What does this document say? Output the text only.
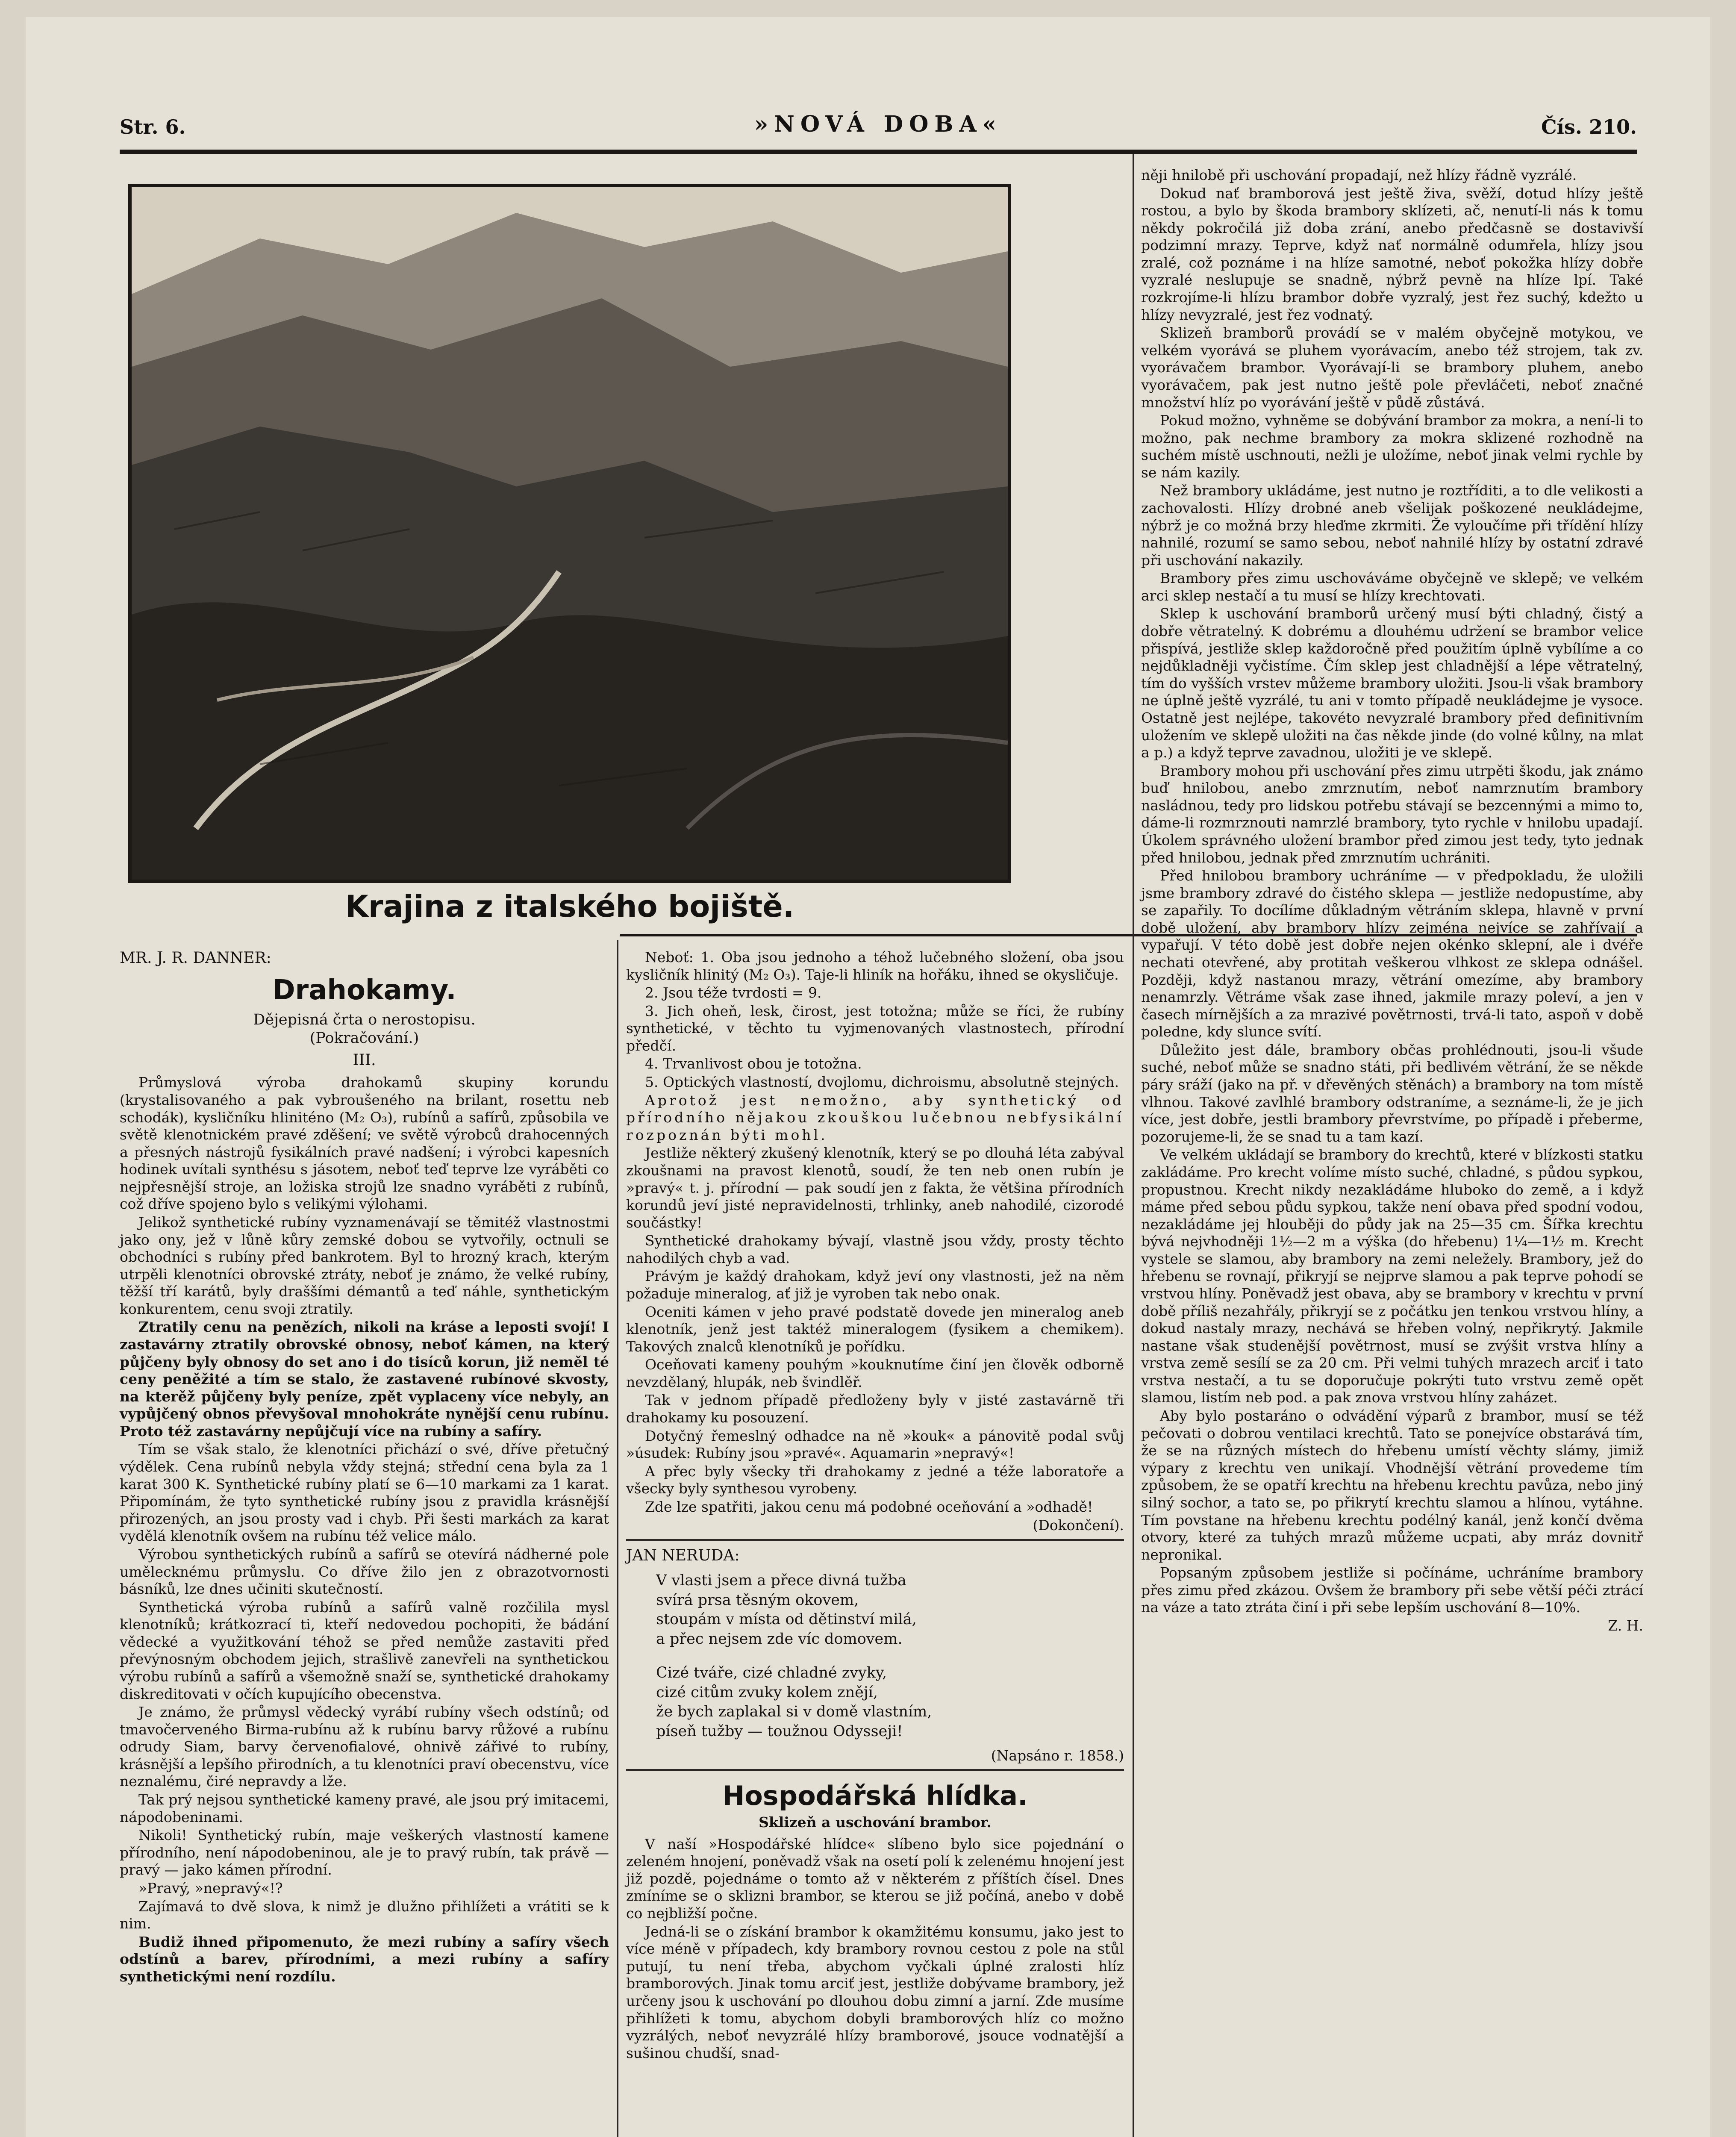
Str. 6.	»NOVÁ DOBA«	Čís. 210.
Krajina z italského bojiště.
MR. J. R. DANNER:
Drahokamy.
Dějepisná črta o nerostopisu.
(Pokračování.)
III.

Průmyslová výroba drahokamů skupiny korundu (krystalisovaného a pak vybroušeného na brilant, rosettu neb schodák), kysličníku hliniténo (M₂ O₃), rubínů a safírů, způsobila ve světě klenotnickém pravé zděšení; ve světě výrobců drahocenných a přesných nástrojů fysikálních pravé nadšení; i výrobci kapesních hodinek uvítali synthésu s jásotem, neboť teď teprve lze vyráběti co nejpřesnější stroje, an ložiska strojů lze snadno vyráběti z rubínů, což dříve spojeno bylo s velikými výlohami.

Jelikož synthetické rubíny vyznamenávají se těmitéž vlastnostmi jako ony, jež v lůně kůry zemské dobou se vytvořily, octnuli se obchodníci s rubíny před bankrotem. Byl to hrozný krach, kterým utrpěli klenotníci obrovské ztráty, neboť je známo, že velké rubíny, těžší tří karátů, byly draššími démantů a teď náhle, synthetickým konkurentem, cenu svoji ztratily.

Ztratily cenu na penězích, nikoli na kráse a leposti svojí! I zastavárny ztratily obrovské obnosy, neboť kámen, na který půjčeny byly obnosy do set ano i do tisíců korun, již neměl té ceny peněžité a tím se stalo, že zastavené rubínové skvosty, na kterěž půjčeny byly peníze, zpět vyplaceny více nebyly, an vypůjčený obnos převyšoval mnohokráte nynější cenu rubínu. Proto též zastavárny nepůjčují více na rubíny a safíry.

Tím se však stalo, že klenotníci přichází o své, dříve přetučný výdělek. Cena rubínů nebyla vždy stejná; střední cena byla za 1 karat 300 K. Synthetické rubíny platí se 6—10 markami za 1 karat. Připomínám, že tyto synthetické rubíny jsou z pravidla krásnější přirozených, an jsou prosty vad i chyb. Při šesti markách za karat vydělá klenotník ovšem na rubínu též velice málo.

Výrobou synthetických rubínů a safírů se otevírá nádherné pole umělecknému průmyslu. Co dříve žilo jen z obrazotvornosti básníků, lze dnes učiniti skutečností.

Synthetická výroba rubínů a safírů valně rozčilila mysl klenotníků; krátkozrací ti, kteří nedovedou pochopiti, že bádání vědecké a využitkování téhož se před nemůže zastaviti před převýnosným obchodem jejich, strašlivě zanevřeli na synthetickou výrobu rubínů a safírů a všemožně snaží se, synthetické drahokamy diskreditovati v očích kupujícího obecenstva.

Je známo, že průmysl vědecký vyrábí rubíny všech odstínů; od tmavočerveného Birma-rubínu až k rubínu barvy růžové a rubínu odrudy Siam, barvy červenofialové, ohnivě zářivé to rubíny, krásnější a lepšího přirodních, a tu klenotníci praví obecenstvu, více neznalému, čiré nepravdy a lže.

Tak prý nejsou synthetické kameny pravé, ale jsou prý imitacemi, nápodobeninami.

Nikoli! Synthetický rubín, maje veškerých vlastností kamene přírodního, není nápodobeninou, ale je to pravý rubín, tak právě — pravý — jako kámen přírodní.

»Pravý, »nepravý«!?

Zajímavá to dvě slova, k nimž je dlužno přihlížeti a vrátiti se k nim.

Budiž ihned připomenuto, že mezi rubíny a safíry všech odstínů a barev, přírodními, a mezi rubíny a safíry synthetickými není rozdílu.

Neboť: 1. Oba jsou jednoho a téhož lučebného složení, oba jsou kysličník hlinitý (M₂ O₃). Taje-li hliník na hořáku, ihned se okysličuje.

2. Jsou téže tvrdosti = 9.

3. Jich oheň, lesk, čirost, jest totožna; může se říci, že rubíny synthetické, v těchto tu vyjmenovaných vlastnostech, přírodní předčí.

4. Trvanlivost obou je totožna.

5. Optických vlastností, dvojlomu, dichroismu, absolutně stejných.

Aprotož jest nemožno, aby synthetický od přírodního nějakou zkouškou lučebnou nebfysikální rozpoznán býti mohl.

Jestliže některý zkušený klenotník, který se po dlouhá léta zabýval zkoušnami na pravost klenotů, soudí, že ten neb onen rubín je »pravý« t. j. přírodní — pak soudí jen z fakta, že většina přírodních korundů jeví jisté nepravidelnosti, trhlinky, aneb nahodilé, cizorodé součástky!

Synthetické drahokamy bývají, vlastně jsou vždy, prosty těchto nahodilých chyb a vad.

Právým je každý drahokam, když jeví ony vlastnosti, jež na něm požaduje mineralog, ať již je vyroben tak nebo onak.

Oceniti kámen v jeho pravé podstatě dovede jen mineralog aneb klenotník, jenž jest taktéž mineralogem (fysikem a chemikem). Takových znalců klenotníků je pořídku.

Oceňovati kameny pouhým »kouknutíme činí jen člověk odborně nevzdělaný, hlupák, neb švindlěř.

Tak v jednom případě předloženy byly v jisté zastavárně tři drahokamy ku posouzení.

Dotyčný řemeslný odhadce na ně »kouk« a pánovitě podal svůj »úsudek: Rubíny jsou »pravé«. Aquamarin »nepravý«!

A přec byly všecky tři drahokamy z jedné a téže laboratoře a všecky byly synthesou vyrobeny.

Zde lze spatřiti, jakou cenu má podobné oceňování a »odhadě!

(Dokončení).
JAN NERUDA:
V vlasti jsem a přece divná tužba
svírá prsa těsným okovem,
stoupám v místa od dětinství milá,
a přec nejsem zde víc domovem.
Cizé tváře, cizé chladné zvyky,
cizé citům zvuky kolem znějí,
že bych zaplakal si v domě vlastním,
píseň tužby — toužnou Odysseji!
(Napsáno r. 1858.)
Hospodářská hlídka.
Sklizeň a uschování brambor.

V naší »Hospodářské hlídce« slíbeno bylo sice pojednání o zeleném hnojení, poněvadž však na osetí polí k zelenému hnojení jest již pozdě, pojednáme o tomto až v některém z příštích čísel. Dnes zmíníme se o sklizni brambor, se kterou se již počíná, anebo v době co nejbližší počne.

Jedná-li se o získání brambor k okamžitému konsumu, jako jest to více méně v případech, kdy brambory rovnou cestou z pole na stůl putují, tu není třeba, abychom vyčkali úplné zralosti hlíz bramborových. Jinak tomu arciť jest, jestliže dobývame brambory, jež určeny jsou k uschování po dlouhou dobu zimní a jarní. Zde musíme přihlížeti k tomu, abychom dobyli bramborových hlíz co možno vyzrálých, neboť nevyzrálé hlízy bramborové, jsouce vodnatější a sušinou chudší, snad-

něji hnilobě při uschování propadají, než hlízy řádně vyzrálé.

Dokud nať bramborová jest ještě živa, svěží, dotud hlízy ještě rostou, a bylo by škoda brambory sklízeti, ač, nenutí-li nás k tomu někdy pokročilá již doba zrání, anebo předčasně se dostavivší podzimní mrazy. Teprve, když nať normálně odumřela, hlízy jsou zralé, což poznáme i na hlíze samotné, neboť pokožka hlízy dobře vyzralé neslupuje se snadně, nýbrž pevně na hlíze lpí. Také rozkrojíme-li hlízu brambor dobře vyzralý, jest řez suchý, kdežto u hlízy nevyzralé, jest řez vodnatý.

Sklizeň bramborů provádí se v malém obyčejně motykou, ve velkém vyorává se pluhem vyorávacím, anebo též strojem, tak zv. vyorávačem brambor. Vyorávají-li se brambory pluhem, anebo vyorávačem, pak jest nutno ještě pole převláčeti, neboť značné množství hlíz po vyorávání ještě v půdě zůstává.

Pokud možno, vyhněme se dobývání brambor za mokra, a není-li to možno, pak nechme brambory za mokra sklizené rozhodně na suchém místě uschnouti, nežli je uložíme, neboť jinak velmi rychle by se nám kazily.

Než brambory ukládáme, jest nutno je roztříditi, a to dle velikosti a zachovalosti. Hlízy drobné aneb všelijak poškozené neukládejme, nýbrž je co možná brzy hleďme zkrmiti. Že vyloučíme při třídění hlízy nahnilé, rozumí se samo sebou, neboť nahnilé hlízy by ostatní zdravé při uschování nakazily.

Brambory přes zimu uschováváme obyčejně ve sklepě; ve velkém arci sklep nestačí a tu musí se hlízy krechtovati.

Sklep k uschování bramborů určený musí býti chladný, čistý a dobře větratelný. K dobrému a dlouhému udržení se brambor velice přispívá, jestliže sklep každoročně před použitím úplně vybílíme a co nejdůkladněji vyčistíme. Čím sklep jest chladnější a lépe větratelný, tím do vyšších vrstev můžeme brambory uložiti. Jsou-li však brambory ne úplně ještě vyzrálé, tu ani v tomto případě neukládejme je vysoce. Ostatně jest nejlépe, takovéto nevyzralé brambory před definitivním uložením ve sklepě uložiti na čas někde jinde (do volné kůlny, na mlat a p.) a když teprve zavadnou, uložiti je ve sklepě.

Brambory mohou při uschování přes zimu utrpěti škodu, jak známo buď hnilobou, anebo zmrznutím, neboť namrznutím brambory nasládnou, tedy pro lidskou potřebu stávají se bezcennými a mimo to, dáme-li rozmrznouti namrzlé brambory, tyto rychle v hnilobu upadají. Úkolem správného uložení brambor před zimou jest tedy, tyto jednak před hnilobou, jednak před zmrznutím uchrániti.

Před hnilobou brambory uchráníme — v předpokladu, že uložili jsme brambory zdravé do čistého sklepa — jestliže nedopustíme, aby se zapařily. To docílíme důkladným větráním sklepa, hlavně v první době uložení, aby brambory hlízy zejména nejvíce se zahřívají a vypařují. V této době jest dobře nejen okénko sklepní, ale i dvéře nechati otevřené, aby protitah veškerou vlhkost ze sklepa odnášel. Později, když nastanou mrazy, větrání omezíme, aby brambory nenamrzly. Větráme však zase ihned, jakmile mrazy poleví, a jen v časech mírnějších a za mrazivé povětrnosti, trvá-li tato, aspoň v době poledne, kdy slunce svítí.

Důležito jest dále, brambory občas prohlédnouti, jsou-li všude suché, neboť může se snadno státi, při bedlivém větrání, že se někde páry sráží (jako na př. v dřevěných stěnách) a brambory na tom místě vlhnou. Takové zavlhlé brambory odstraníme, a seznáme-li, že je jich více, jest dobře, jestli brambory převrstvíme, po případě i přeberme, pozorujeme-li, že se snad tu a tam kazí.

Ve velkém ukládají se brambory do krechtů, které v blízkosti statku zakládáme. Pro krecht volíme místo suché, chladné, s půdou sypkou, propustnou. Krecht nikdy nezakládáme hluboko do země, a i když máme před sebou půdu sypkou, takže není obava před spodní vodou, nezakládáme jej hlouběji do půdy jak na 25—35 cm. Šířka krechtu bývá nejvhodněji 1½—2 m a výška (do hřebenu) 1¼—1½ m. Krecht vystele se slamou, aby brambory na zemi neležely. Brambory, jež do hřebenu se rovnají, přikryjí se nejprve slamou a pak teprve pohodí se vrstvou hlíny. Poněvadž jest obava, aby se brambory v krechtu v první době příliš nezahřály, přikryjí se z počátku jen tenkou vrstvou hlíny, a dokud nastaly mrazy, nechává se hřeben volný, nepřikrytý. Jakmile nastane však studenější povětrnost, musí se zvýšit vrstva hlíny a vrstva země sesílí se za 20 cm. Při velmi tuhých mrazech arciť i tato vrstva nestačí, a tu se doporučuje pokrýti tuto vrstvu země opět slamou, listím neb pod. a pak znova vrstvou hlíny zaházet.

Aby bylo postaráno o odvádění výparů z brambor, musí se též pečovati o dobrou ventilaci krechtů. Tato se ponejvíce obstarává tím, že se na různých místech do hřebenu umístí věchty slámy, jimiž výpary z krechtu ven unikají. Vhodnější větrání provedeme tím způsobem, že se opatří krechtu na hřebenu krechtu pavůza, nebo jiný silný sochor, a tato se, po přikrytí krechtu slamou a hlínou, vytáhne. Tím povstane na hřebenu krechtu podélný kanál, jenž končí dvěma otvory, které za tuhých mrazů můžeme ucpati, aby mráz dovnitř nepronikal.

Popsaným způsobem jestliže si počínáme, uchráníme brambory přes zimu před zkázou. Ovšem že brambory při sebe větší péči ztrácí na váze a tato ztráta činí i při sebe lepším uschování 8—10%.

Z. H.
